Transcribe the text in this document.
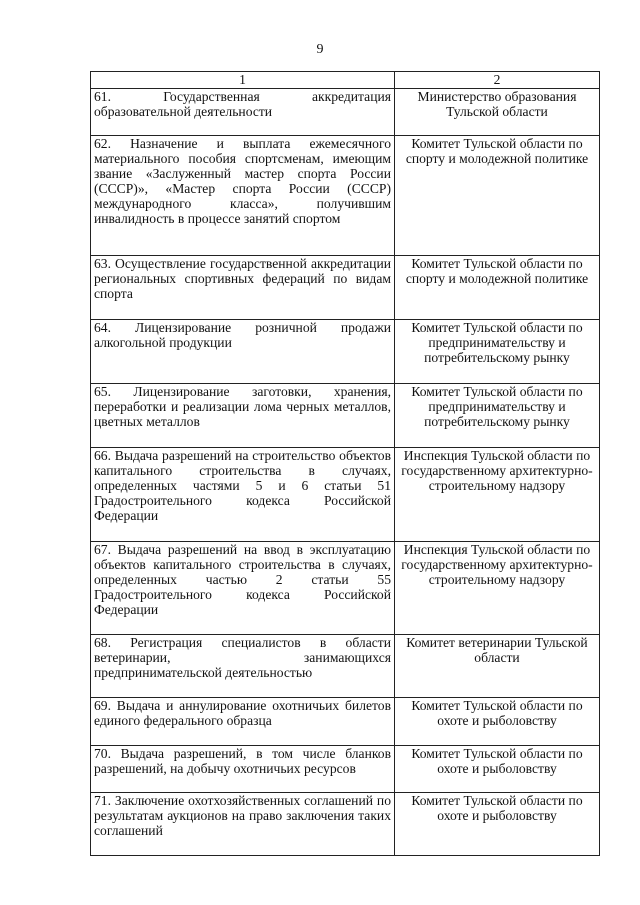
9
1	2
61. Государственная аккредитация образовательной деятельности	Министерство образования Тульской области
62. Назначение и выплата ежемесячного материального пособия спортсменам, имеющим звание «Заслуженный мастер спорта России (СССР)», «Мастер спорта России (СССР) международного класса», получившим инвалидность в процессе занятий спортом	Комитет Тульской области по спорту и молодежной политике
63. Осуществление государственной аккредитации региональных спортивных федераций по видам спорта	Комитет Тульской области по спорту и молодежной политике
64. Лицензирование розничной продажи алкогольной продукции	Комитет Тульской области по предпринимательству и потребительскому рынку
65. Лицензирование заготовки, хранения, переработки и реализации лома черных металлов, цветных металлов	Комитет Тульской области по предпринимательству и потребительскому рынку
66. Выдача разрешений на строительство объектов капитального строительства в случаях, определенных частями 5 и 6 статьи 51 Градостроительного кодекса Российской Федерации	Инспекция Тульской области по государственному архитектурно-строительному надзору
67. Выдача разрешений на ввод в эксплуатацию объектов капитального строительства в случаях, определенных частью 2 статьи 55 Градостроительного кодекса Российской Федерации	Инспекция Тульской области по государственному архитектурно-строительному надзору
68. Регистрация специалистов в области ветеринарии, занимающихся предпринимательской деятельностью	Комитет ветеринарии Тульской области
69. Выдача и аннулирование охотничьих билетов единого федерального образца	Комитет Тульской области по охоте и рыболовству
70. Выдача разрешений, в том числе бланков разрешений, на добычу охотничьих ресурсов	Комитет Тульской области по охоте и рыболовству
71. Заключение охотхозяйственных соглашений по результатам аукционов на право заключения таких соглашений	Комитет Тульской области по охоте и рыболовству
